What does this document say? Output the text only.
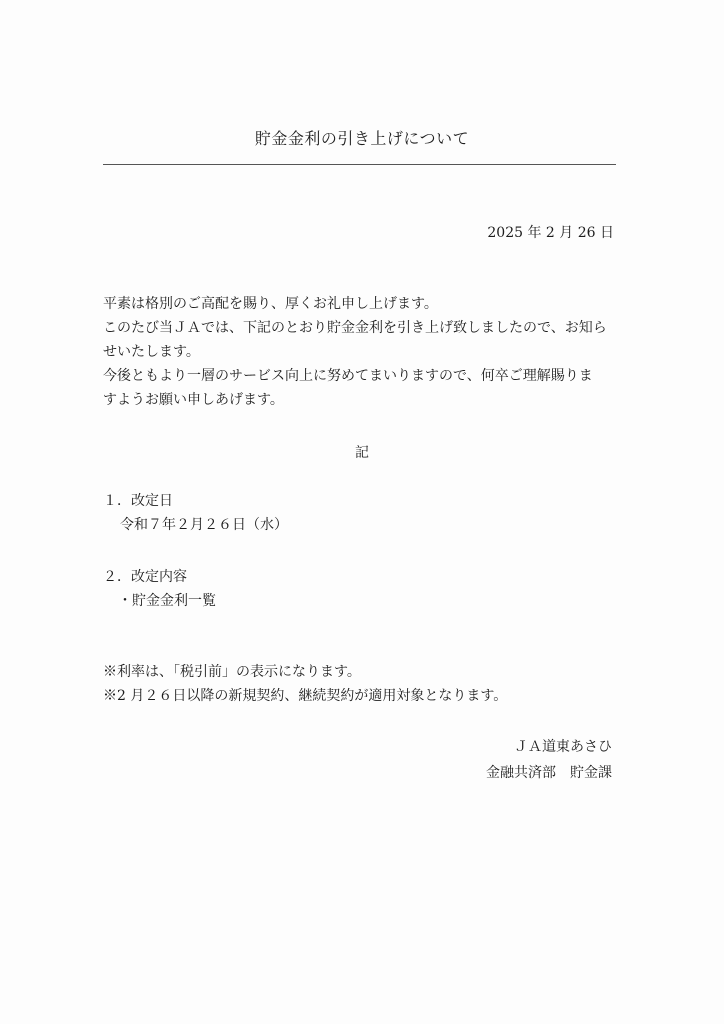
貯金金利の引き上げについて
2025 年 2 月 26 日
平素は格別のご高配を賜り、厚くお礼申し上げます。
このたび当ＪＡでは、下記のとおり貯金金利を引き上げ致しましたので、お知ら
せいたします。
今後ともより一層のサービス向上に努めてまいりますので、何卒ご理解賜りま
すようお願い申しあげます。
記
１．改定日
令和７年２月２６日（水）
２．改定内容
・貯金金利一覧
※利率は、「税引前」の表示になります。
※2 月２６日以降の新規契約、継続契約が適用対象となります。
ＪＡ道東あさひ
金融共済部　貯金課
